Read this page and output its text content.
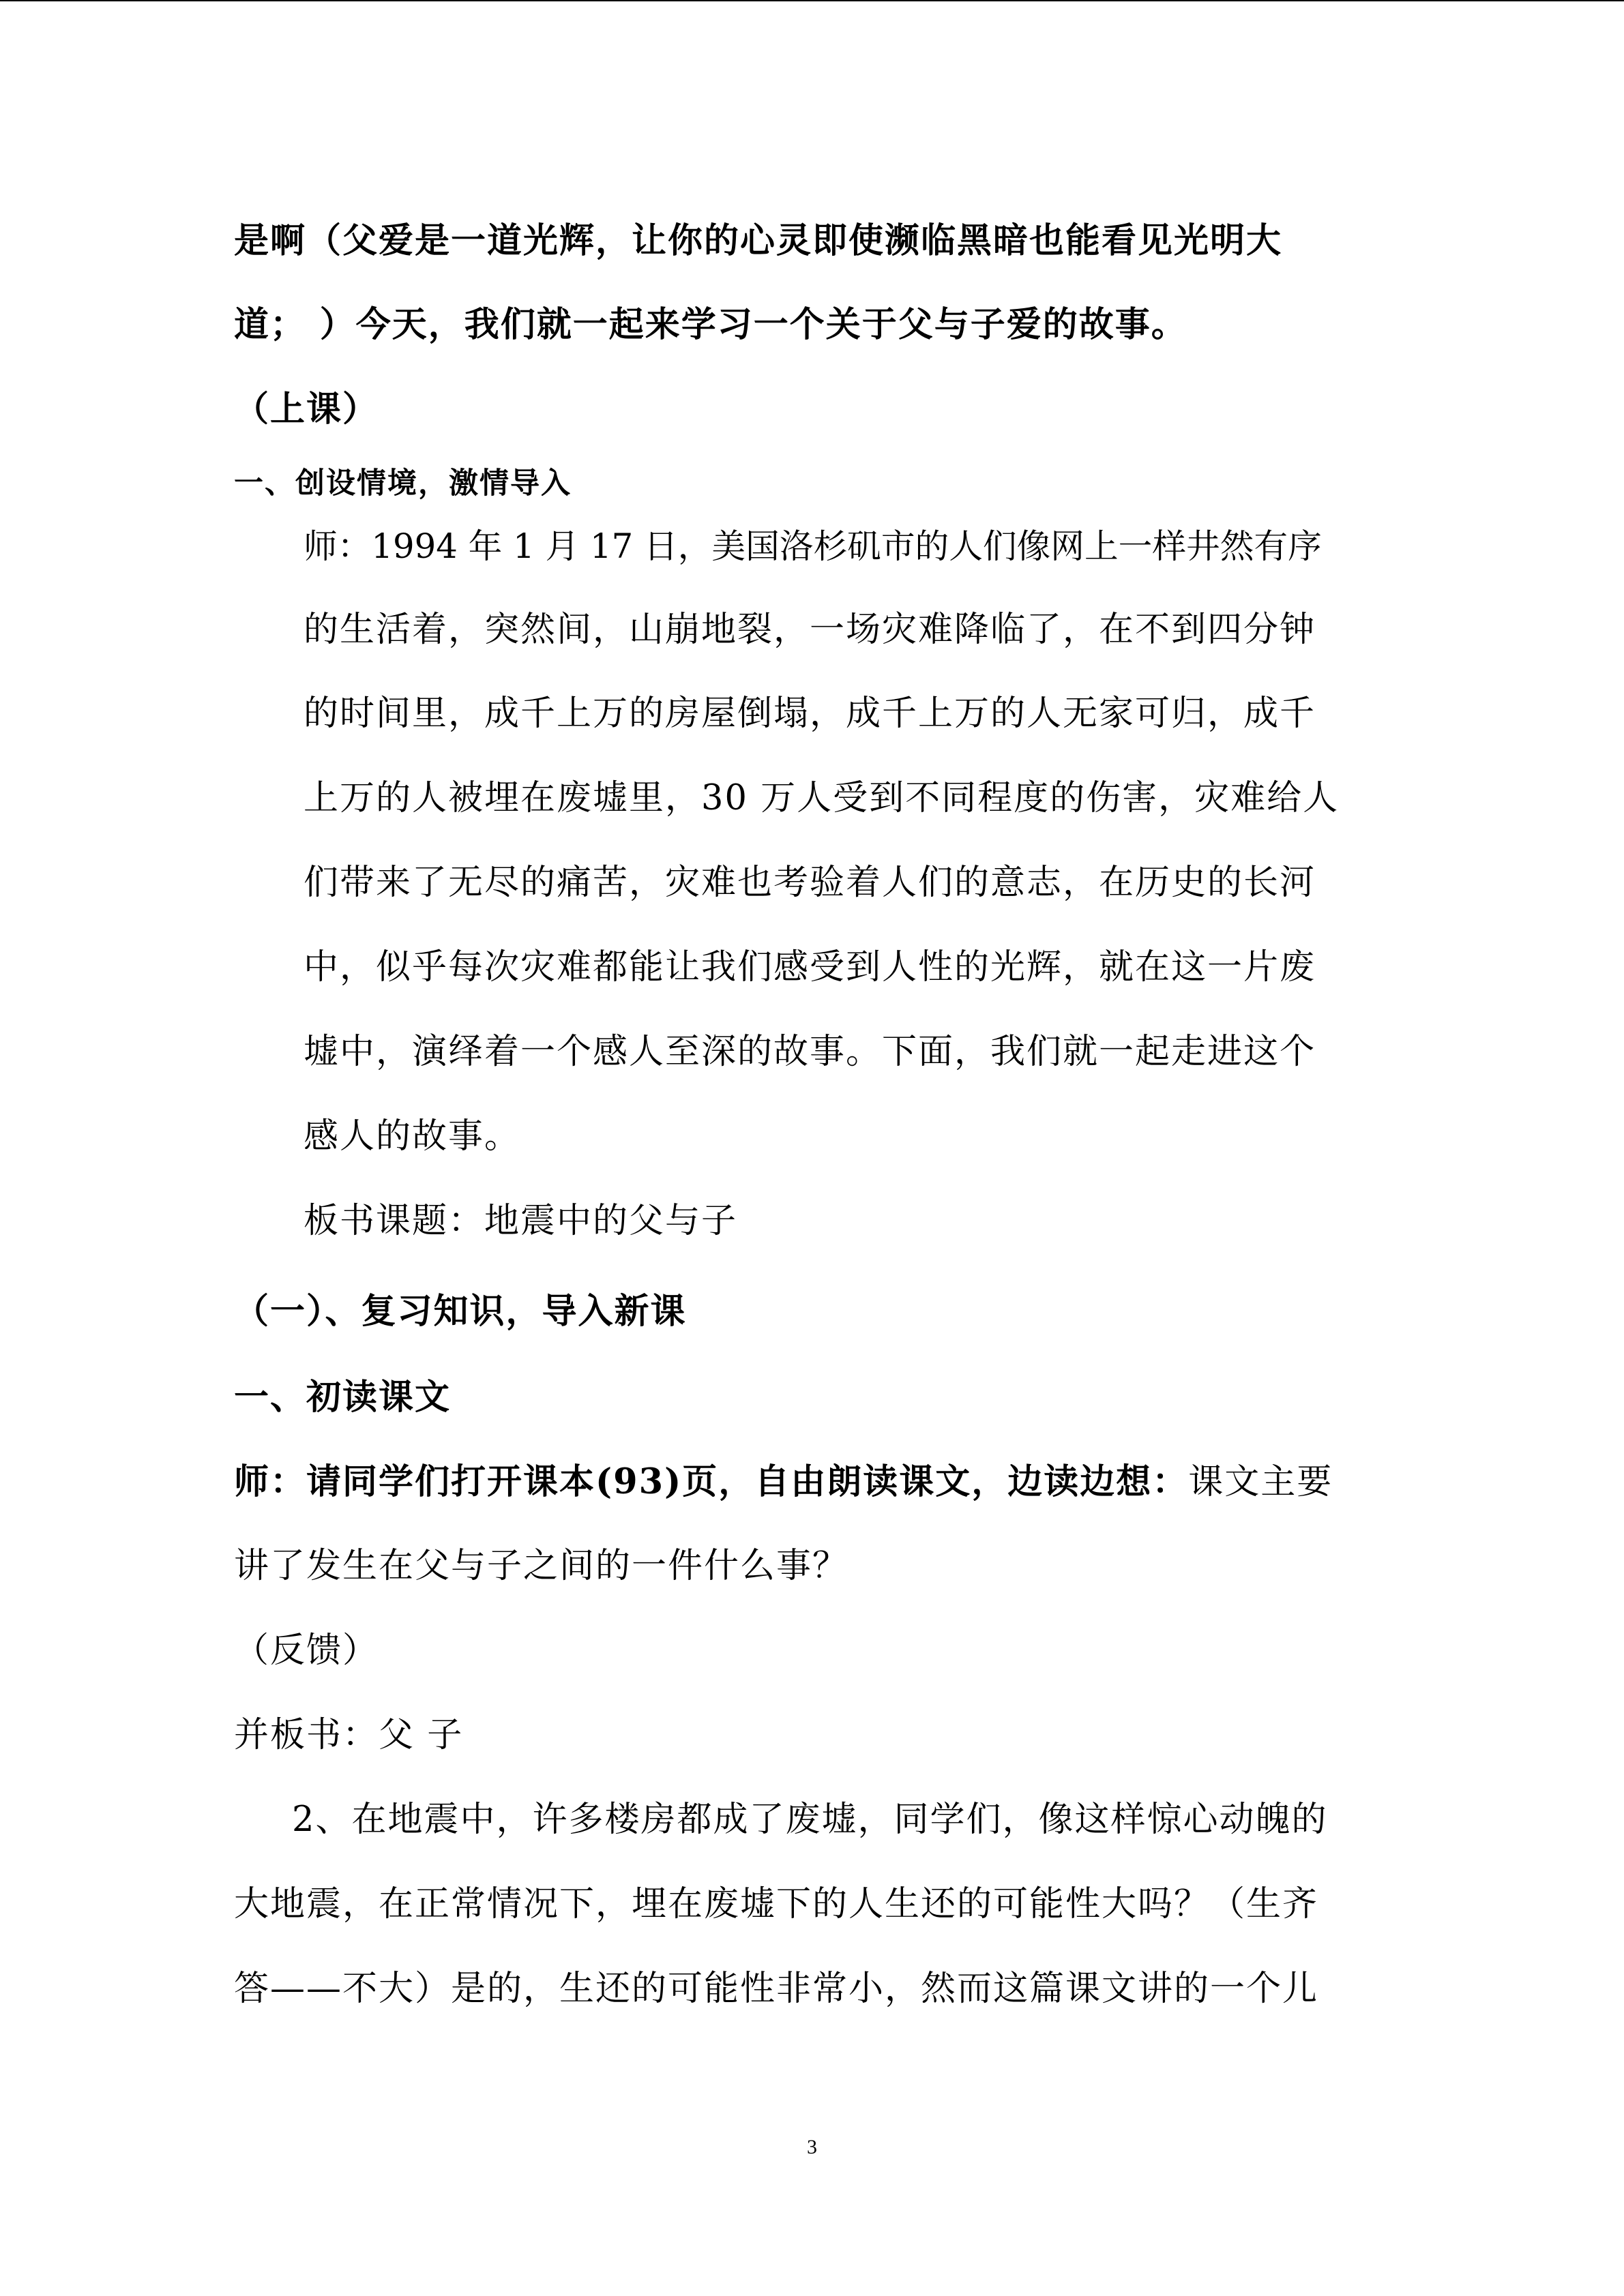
是啊（父爱是一道光辉，让你的心灵即使濒临黑暗也能看见光明大
道； ）今天，我们就一起来学习一个关于父与子爱的故事。
（上课）
一、创设情境，激情导入
师：1994 年 1 月 17 日，美国洛杉矶市的人们像网上一样井然有序
的生活着，突然间，山崩地裂，一场灾难降临了，在不到四分钟
的时间里，成千上万的房屋倒塌，成千上万的人无家可归，成千
上万的人被埋在废墟里，30 万人受到不同程度的伤害，灾难给人
们带来了无尽的痛苦，灾难也考验着人们的意志，在历史的长河
中，似乎每次灾难都能让我们感受到人性的光辉，就在这一片废
墟中，演绎着一个感人至深的故事。下面，我们就一起走进这个
感人的故事。
板书课题：地震中的父与子
（一）、复习知识，导入新课
一、初读课文
师：请同学们打开课本(93)页，自由朗读课文，边读边想：课文主要
讲了发生在父与子之间的一件什么事？
（反馈）
并板书：父 子
2、在地震中，许多楼房都成了废墟，同学们，像这样惊心动魄的
大地震，在正常情况下，埋在废墟下的人生还的可能性大吗？（生齐
答——不大）是的，生还的可能性非常小，然而这篇课文讲的一个儿
3
